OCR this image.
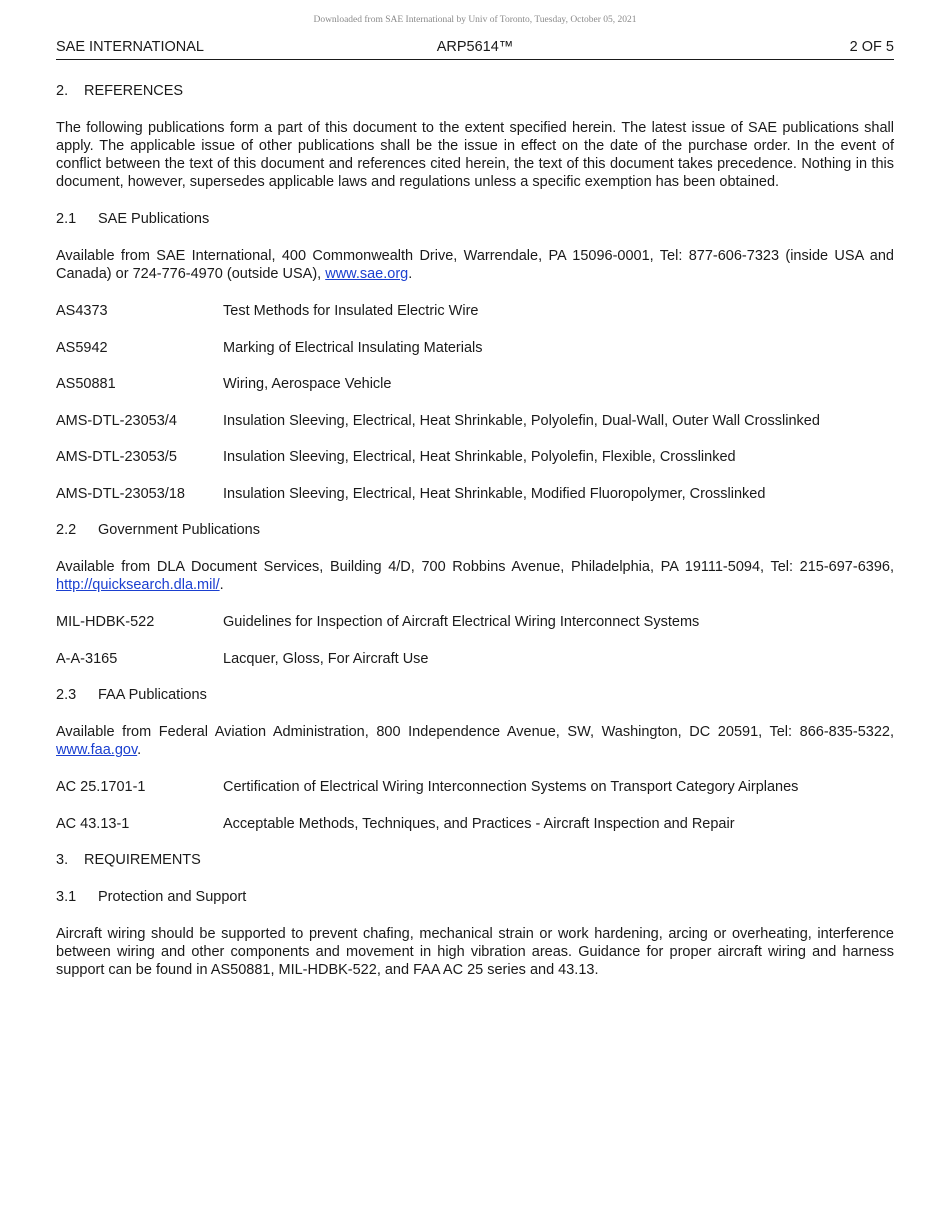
Downloaded from SAE International by Univ of Toronto, Tuesday, October 05, 2021
SAE INTERNATIONAL	ARP5614™	2 OF 5
2.	REFERENCES

The following publications form a part of this document to the extent specified herein. The latest issue of SAE publications shall apply. The applicable issue of other publications shall be the issue in effect on the date of the purchase order. In the event of conflict between the text of this document and references cited herein, the text of this document takes precedence. Nothing in this document, however, supersedes applicable laws and regulations unless a specific exemption has been obtained.

2.1	SAE Publications

Available from SAE International, 400 Commonwealth Drive, Warrendale, PA 15096-0001, Tel: 877-606-7323 (inside USA and Canada) or 724-776-4970 (outside USA), www.sae.org.

AS4373	Test Methods for Insulated Electric Wire
AS5942	Marking of Electrical Insulating Materials
AS50881	Wiring, Aerospace Vehicle
AMS-DTL-23053/4	Insulation Sleeving, Electrical, Heat Shrinkable, Polyolefin, Dual-Wall, Outer Wall Crosslinked
AMS-DTL-23053/5	Insulation Sleeving, Electrical, Heat Shrinkable, Polyolefin, Flexible, Crosslinked
AMS-DTL-23053/18	Insulation Sleeving, Electrical, Heat Shrinkable, Modified Fluoropolymer, Crosslinked
2.2	Government Publications

Available from DLA Document Services, Building 4/D, 700 Robbins Avenue, Philadelphia, PA 19111-5094, Tel: 215-697-6396, http://quicksearch.dla.mil/.

MIL-HDBK-522	Guidelines for Inspection of Aircraft Electrical Wiring Interconnect Systems
A-A-3165	Lacquer, Gloss, For Aircraft Use
2.3	FAA Publications

Available from Federal Aviation Administration, 800 Independence Avenue, SW, Washington, DC 20591, Tel: 866-835-5322, www.faa.gov.

AC 25.1701-1	Certification of Electrical Wiring Interconnection Systems on Transport Category Airplanes
AC 43.13-1	Acceptable Methods, Techniques, and Practices - Aircraft Inspection and Repair
3.	REQUIREMENTS
3.1	Protection and Support

Aircraft wiring should be supported to prevent chafing, mechanical strain or work hardening, arcing or overheating, interference between wiring and other components and movement in high vibration areas. Guidance for proper aircraft wiring and harness support can be found in AS50881, MIL-HDBK-522, and FAA AC 25 series and 43.13.
